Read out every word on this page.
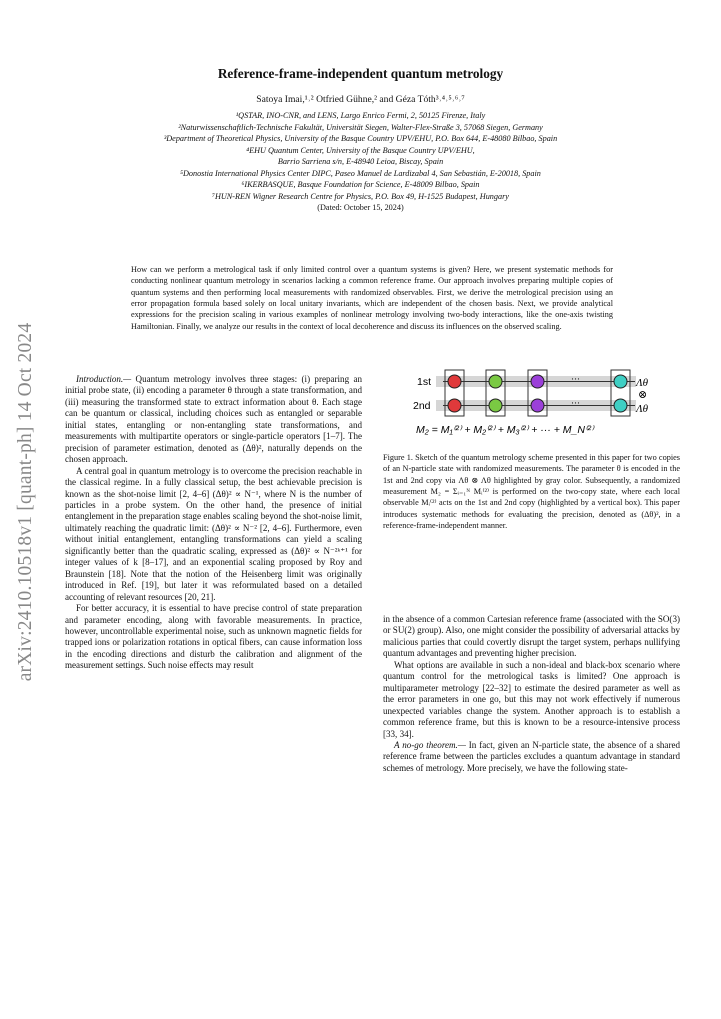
arXiv:2410.10518v1 [quant-ph] 14 Oct 2024
Reference-frame-independent quantum metrology
Satoya Imai,¹˒² Otfried Gühne,² and Géza Tóth³˒⁴˒⁵˒⁶˒⁷
¹QSTAR, INO-CNR, and LENS, Largo Enrico Fermi, 2, 50125 Firenze, Italy
²Naturwissenschaftlich-Technische Fakultät, Universität Siegen, Walter-Flex-Straße 3, 57068 Siegen, Germany
³Department of Theoretical Physics, University of the Basque Country UPV/EHU, P.O. Box 644, E-48080 Bilbao, Spain
⁴EHU Quantum Center, University of the Basque Country UPV/EHU,
Barrio Sarriena s/n, E-48940 Leioa, Biscay, Spain
⁵Donostia International Physics Center DIPC, Paseo Manuel de Lardizabal 4, San Sebastián, E-20018, Spain
⁶IKERBASQUE, Basque Foundation for Science, E-48009 Bilbao, Spain
⁷HUN-REN Wigner Research Centre for Physics, P.O. Box 49, H-1525 Budapest, Hungary
(Dated: October 15, 2024)
How can we perform a metrological task if only limited control over a quantum systems is given? Here, we present systematic methods for conducting nonlinear quantum metrology in scenarios lacking a common reference frame. Our approach involves preparing multiple copies of quantum systems and then performing local measurements with randomized observables. First, we derive the metrological precision using an error propagation formula based solely on local unitary invariants, which are independent of the chosen basis. Next, we provide analytical expressions for the precision scaling in various examples of nonlinear metrology involving two-body interactions, like the one-axis twisting Hamiltonian. Finally, we analyze our results in the context of local decoherence and discuss its influences on the observed scaling.

Introduction.— Quantum metrology involves three stages: (i) preparing an initial probe state, (ii) encoding a parameter θ through a state transformation, and (iii) measuring the transformed state to extract information about θ. Each stage can be quantum or classical, including choices such as entangled or separable initial states, entangling or non-entangling state transformations, and measurements with multipartite operators or single-particle operators [1–7]. The precision of parameter estimation, denoted as (Δθ)², naturally depends on the chosen approach.

A central goal in quantum metrology is to overcome the precision reachable in the classical regime. In a fully classical setup, the best achievable precision is known as the shot-noise limit [2, 4–6] (Δθ)² ∝ N⁻¹, where N is the number of particles in a probe system. On the other hand, the presence of initial entanglement in the preparation stage enables scaling beyond the shot-noise limit, ultimately reaching the quadratic limit: (Δθ)² ∝ N⁻² [2, 4–6]. Furthermore, even without initial entanglement, entangling transformations can yield a scaling significantly better than the quadratic scaling, expressed as (Δθ)² ∝ N⁻²ᵏ⁺¹ for integer values of k [8–17], and an exponential scaling proposed by Roy and Braunstein [18]. Note that the notion of the Heisenberg limit was originally introduced in Ref. [19], but later it was reformulated based on a detailed accounting of relevant resources [20, 21].

For better accuracy, it is essential to have precise control of state preparation and parameter encoding, along with favorable measurements. In practice, however, uncontrollable experimental noise, such as unknown magnetic fields for trapped ions or polarization rotations in optical fibers, can cause information loss in the encoding directions and disturb the calibration and alignment of the measurement settings. Such noise effects may result

1st
2nd
···
···
Λθ
⊗
Λθ
M₂ = M₁⁽²⁾ + M₂⁽²⁾ + M₃⁽²⁾ + ··· + M_N⁽²⁾
Figure 1. Sketch of the quantum metrology scheme presented in this paper for two copies of an N-particle state with randomized measurements. The parameter θ is encoded in the 1st and 2nd copy via Λθ ⊗ Λθ highlighted by gray color. Subsequently, a randomized measurement M₂ = Σᵢ₌₁ᴺ Mᵢ⁽²⁾ is performed on the two-copy state, where each local observable Mᵢ⁽²⁾ acts on the 1st and 2nd copy (highlighted by a vertical box). This paper introduces systematic methods for evaluating the precision, denoted as (Δθ)², in a reference-frame-independent manner.

in the absence of a common Cartesian reference frame (associated with the SO(3) or SU(2) group). Also, one might consider the possibility of adversarial attacks by malicious parties that could covertly disrupt the target system, perhaps nullifying quantum advantages and preventing higher precision.

What options are available in such a non-ideal and black-box scenario where quantum control for the metrological tasks is limited? One approach is multiparameter metrology [22–32] to estimate the desired parameter as well as the error parameters in one go, but this may not work effectively if numerous unexpected variables change the system. Another approach is to establish a common reference frame, but this is known to be a resource-intensive process [33, 34].

A no-go theorem.— In fact, given an N-particle state, the absence of a shared reference frame between the particles excludes a quantum advantage in standard schemes of metrology. More precisely, we have the following state-
